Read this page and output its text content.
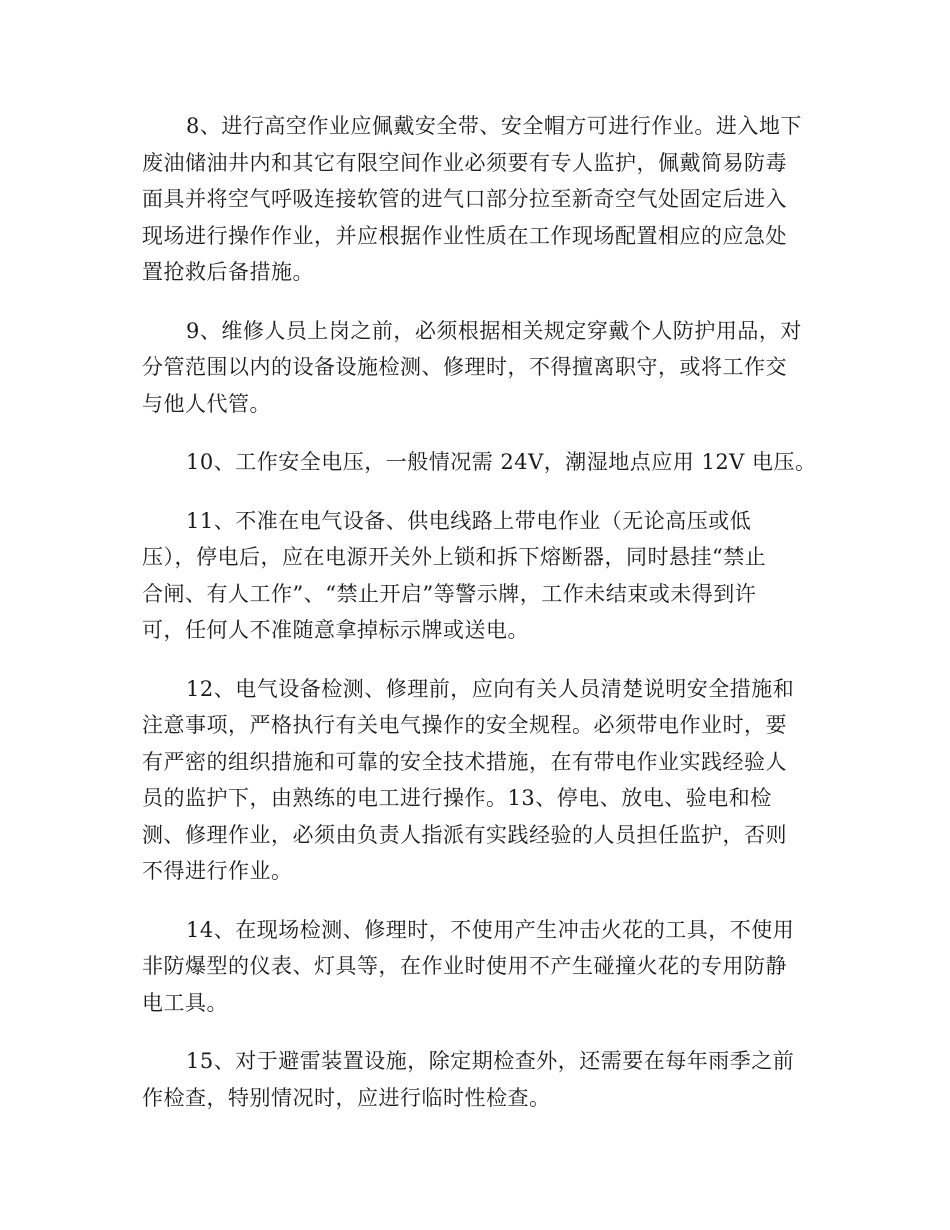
8、进行高空作业应佩戴安全带、安全帽方可进行作业。进入地下
废油储油井内和其它有限空间作业必须要有专人监护，佩戴简易防毒
面具并将空气呼吸连接软管的进气口部分拉至新奇空气处固定后进入
现场进行操作作业，并应根据作业性质在工作现场配置相应的应急处
置抢救后备措施。

9、维修人员上岗之前，必须根据相关规定穿戴个人防护用品，对
分管范围以内的设备设施检测、修理时，不得擅离职守，或将工作交
与他人代管。

10、工作安全电压，一般情况需 24V，潮湿地点应用 12V 电压。

11、不准在电气设备、供电线路上带电作业（无论高压或低
压），停电后，应在电源开关外上锁和拆下熔断器，同时悬挂“禁止
合闸、有人工作”、“禁止开启”等警示牌，工作未结束或未得到许
可，任何人不准随意拿掉标示牌或送电。

12、电气设备检测、修理前，应向有关人员清楚说明安全措施和
注意事项，严格执行有关电气操作的安全规程。必须带电作业时，要
有严密的组织措施和可靠的安全技术措施，在有带电作业实践经验人
员的监护下，由熟练的电工进行操作。13、停电、放电、验电和检
测、修理作业，必须由负责人指派有实践经验的人员担任监护，否则
不得进行作业。

14、在现场检测、修理时，不使用产生冲击火花的工具，不使用
非防爆型的仪表、灯具等，在作业时使用不产生碰撞火花的专用防静
电工具。

15、对于避雷装置设施，除定期检查外，还需要在每年雨季之前
作检查，特别情况时，应进行临时性检查。
